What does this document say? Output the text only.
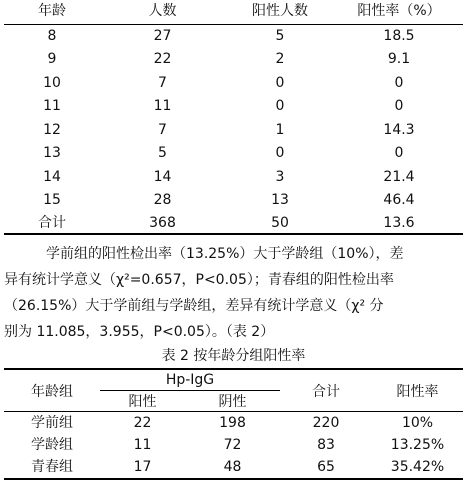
年龄	人数	阳性人数	阳性率（%）
8	27	5	18.5
9	22	2	9.1
10	7	0	0
11	11	0	0
12	7	1	14.3
13	5	0	0
14	14	3	21.4
15	28	13	46.4
合计	368	50	13.6

学前组的阳性检出率（13.25%）大于学龄组（10%），差

异有统计学意义（χ²=0.657，P<0.05）；青春组的阳性检出率

（26.15%）大于学前组与学龄组，差异有统计学意义（χ² 分

别为 11.085，3.955，P<0.05）。（表 2）

表 2 按年龄分组阳性率
年龄组	Hp-IgG		合计	阳性率
	阳性	阴性		
学前组	22	198	220	10%
学龄组	11	72	83	13.25%
青春组	17	48	65	35.42%
